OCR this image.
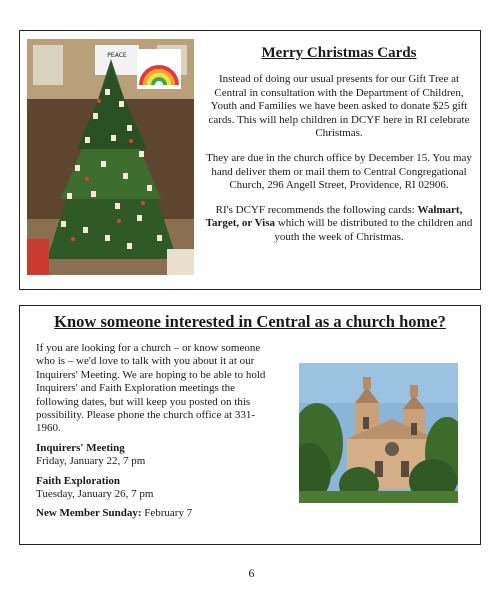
PEACE	Merry Christmas Cards

Instead of doing our usual presents for our Gift Tree at Central in consultation with the Department of Children, Youth and Families we have been asked to donate $25 gift cards. This will help children in DCYF here in RI celebrate Christmas.

They are due in the church office by December 15. You may hand deliver them or mail them to Central Congregational Church, 296 Angell Street, Providence, RI 02906.

RI's DCYF recommends the following cards: Walmart, Target, or Visa which will be distributed to the children and youth the week of Christmas.

Know someone interested in Central as a church home?

If you are looking for a church – or know someone who is – we'd love to talk with you about it at our Inquirers' Meeting. We are hoping to be able to hold Inquirers' and Faith Exploration meetings the following dates, but will keep you posted on this possibility. Please phone the church office at 331-1960.

Inquirers' Meeting
Friday, January 22, 7 pm

Faith Exploration
Tuesday, January 26, 7 pm

New Member Sunday: February 7

6
